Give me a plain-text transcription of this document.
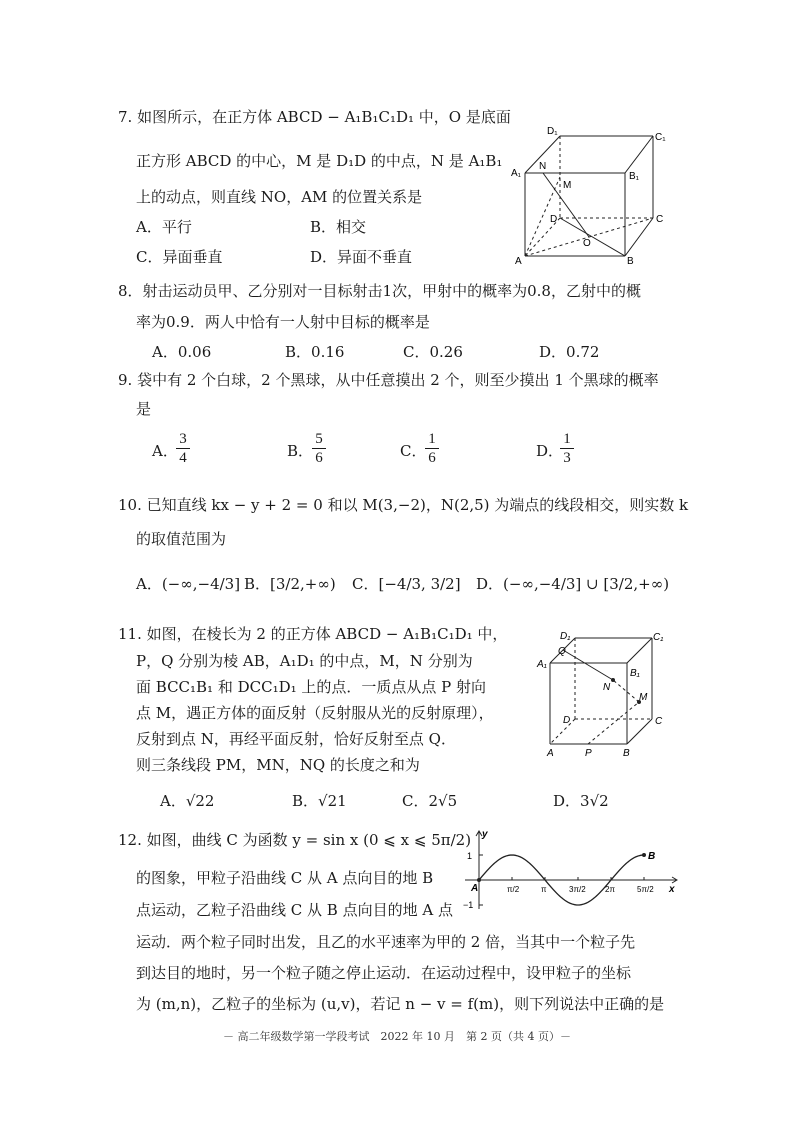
7. 如图所示，在正方体 ABCD − A₁B₁C₁D₁ 中，O 是底面
正方形 ABCD 的中心，M 是 D₁D 的中点，N 是 A₁B₁
上的动点，则直线 NO，AM 的位置关系是
A．平行	B．相交
C．异面垂直	D．异面不垂直
D₁
C₁
A₁
N
B₁
M
D	C
O
A	B
8．射击运动员甲、乙分别对一目标射击1次，甲射中的概率为0.8，乙射中的概
率为0.9．两人中恰有一人射中目标的概率是
A．0.06	B．0.16	C．0.26	D．0.72
9. 袋中有 2 个白球，2 个黑球，从中任意摸出 2 个，则至少摸出 1 个黑球的概率
是
A．
3
4	B．
5
6	C．
1
6	D．
1
3
10. 已知直线 kx − y + 2 = 0 和以 M(3,−2)，N(2,5) 为端点的线段相交，则实数 k
的取值范围为
A．(−∞,−4/3] B．[3/2,+∞) C．[−4/3, 3/2] D．(−∞,−4/3] ∪ [3/2,+∞)
11. 如图，在棱长为 2 的正方体 ABCD − A₁B₁C₁D₁ 中，
P，Q 分别为棱 AB，A₁D₁ 的中点，M，N 分别为
面 BCC₁B₁ 和 DCC₁D₁ 上的点．一质点从点 P 射向
点 M，遇正方体的面反射（反射服从光的反射原理），
反射到点 N，再经平面反射，恰好反射至点 Q．
则三条线段 PM，MN，NQ 的长度之和为
A．√22	B．√21	C．2√5	D．3√2
D₁	C₁
Q
A₁
B₁
N
M
D	C
A	P	B
12. 如图，曲线 C 为函数 y = sin x (0 ⩽ x ⩽ 5π/2)
的图象，甲粒子沿曲线 C 从 A 点向目的地 B
点运动，乙粒子沿曲线 C 从 B 点向目的地 A 点
运动．两个粒子同时出发，且乙的水平速率为甲的 2 倍，当其中一个粒子先
到达目的地时，另一个粒子随之停止运动．在运动过程中，设甲粒子的坐标
为 (m,n)，乙粒子的坐标为 (u,v)，若记 n − v = f(m)，则下列说法中正确的是
y
x
1
−1
A
B
π/2	π	3π/2 2π	5π/2
－ 高二年级数学第一学段考试　2022 年 10 月　第 2 页（共 4 页）－
